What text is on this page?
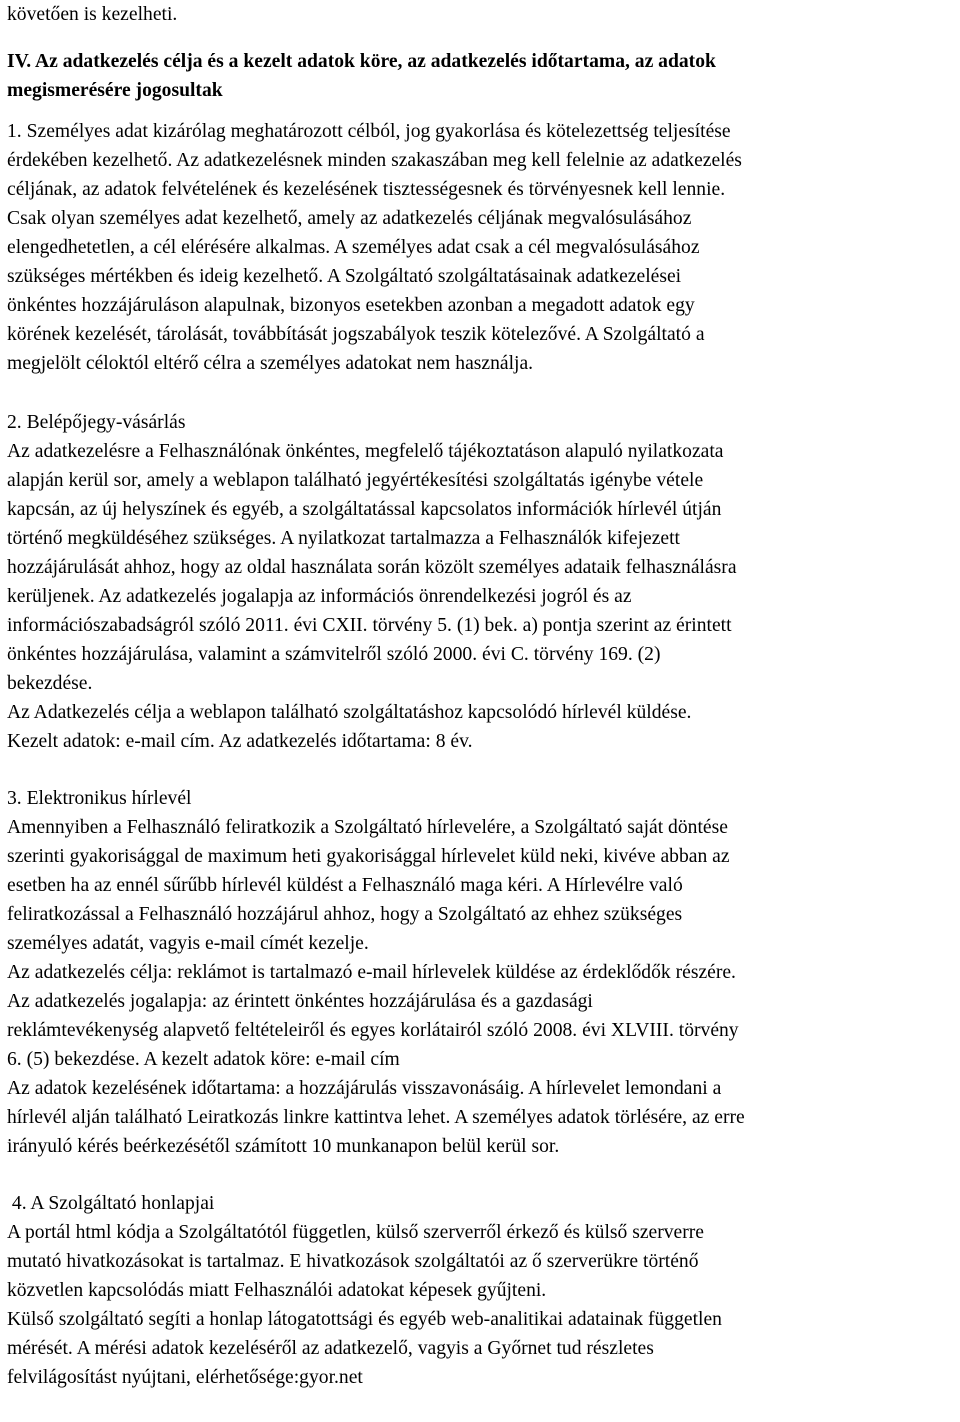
követően is kezelheti.
IV. Az adatkezelés célja és a kezelt adatok köre, az adatkezelés időtartama, az adatok
megismerésére jogosultak
1. Személyes adat kizárólag meghatározott célból, jog gyakorlása és kötelezettség teljesítése
érdekében kezelhető. Az adatkezelésnek minden szakaszában meg kell felelnie az adatkezelés
céljának, az adatok felvételének és kezelésének tisztességesnek és törvényesnek kell lennie.
Csak olyan személyes adat kezelhető, amely az adatkezelés céljának megvalósulásához
elengedhetetlen, a cél elérésére alkalmas. A személyes adat csak a cél megvalósulásához
szükséges mértékben és ideig kezelhető. A Szolgáltató szolgáltatásainak adatkezelései
önkéntes hozzájáruláson alapulnak, bizonyos esetekben azonban a megadott adatok egy
körének kezelését, tárolását, továbbítását jogszabályok teszik kötelezővé. A Szolgáltató a
megjelölt céloktól eltérő célra a személyes adatokat nem használja.
2. Belépőjegy-vásárlás
Az adatkezelésre a Felhasználónak önkéntes, megfelelő tájékoztatáson alapuló nyilatkozata
alapján kerül sor, amely a weblapon található jegyértékesítési szolgáltatás igénybe vétele
kapcsán, az új helyszínek és egyéb, a szolgáltatással kapcsolatos információk hírlevél útján
történő megküldéséhez szükséges. A nyilatkozat tartalmazza a Felhasználók kifejezett
hozzájárulását ahhoz, hogy az oldal használata során közölt személyes adataik felhasználásra
kerüljenek. Az adatkezelés jogalapja az információs önrendelkezési jogról és az
információszabadságról szóló 2011. évi CXII. törvény 5. (1) bek. a) pontja szerint az érintett
önkéntes hozzájárulása, valamint a számvitelről szóló 2000. évi C. törvény 169. (2)
bekezdése.
Az Adatkezelés célja a weblapon található szolgáltatáshoz kapcsolódó hírlevél küldése.
Kezelt adatok: e-mail cím. Az adatkezelés időtartama: 8 év.
3. Elektronikus hírlevél
Amennyiben a Felhasználó feliratkozik a Szolgáltató hírlevelére, a Szolgáltató saját döntése
szerinti gyakorisággal de maximum heti gyakorisággal hírlevelet küld neki, kivéve abban az
esetben ha az ennél sűrűbb hírlevél küldést a Felhasználó maga kéri. A Hírlevélre való
feliratkozással a Felhasználó hozzájárul ahhoz, hogy a Szolgáltató az ehhez szükséges
személyes adatát, vagyis e-mail címét kezelje.
Az adatkezelés célja: reklámot is tartalmazó e-mail hírlevelek küldése az érdeklődők részére.
Az adatkezelés jogalapja: az érintett önkéntes hozzájárulása és a gazdasági
reklámtevékenység alapvető feltételeiről és egyes korlátairól szóló 2008. évi XLVIII. törvény
6. (5) bekezdése. A kezelt adatok köre: e-mail cím
Az adatok kezelésének időtartama: a hozzájárulás visszavonásáig. A hírlevelet lemondani a
hírlevél alján található Leiratkozás linkre kattintva lehet. A személyes adatok törlésére, az erre
irányuló kérés beérkezésétől számított 10 munkanapon belül kerül sor.
4. A Szolgáltató honlapjai
A portál html kódja a Szolgáltatótól független, külső szerverről érkező és külső szerverre
mutató hivatkozásokat is tartalmaz. E hivatkozások szolgáltatói az ő szerverükre történő
közvetlen kapcsolódás miatt Felhasználói adatokat képesek gyűjteni.
Külső szolgáltató segíti a honlap látogatottsági és egyéb web-analitikai adatainak független
mérését. A mérési adatok kezeléséről az adatkezelő, vagyis a Győrnet tud részletes
felvilágosítást nyújtani, elérhetősége:gyor.net
